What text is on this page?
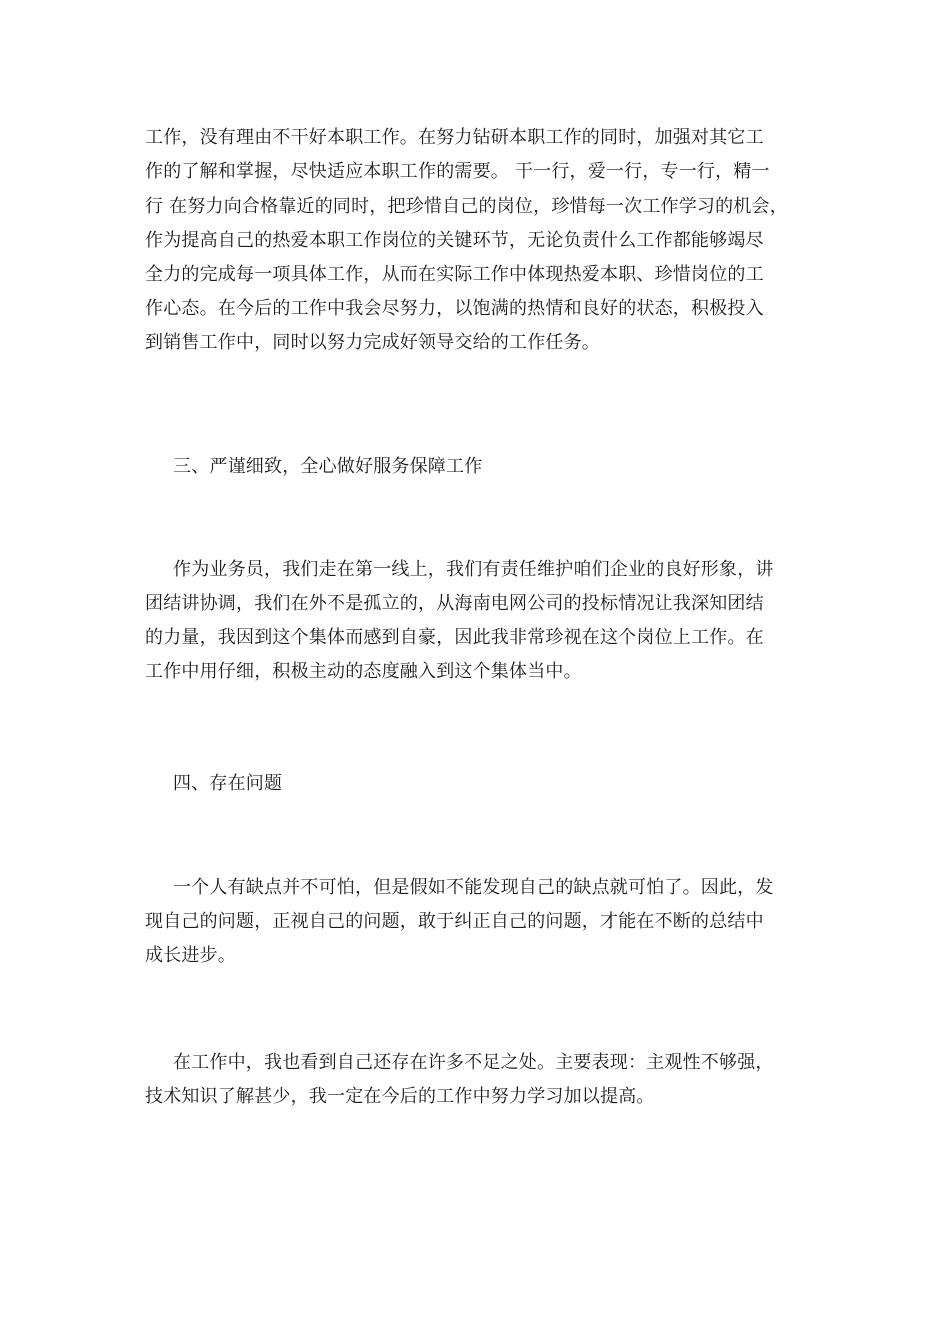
工作，没有理由不干好本职工作。在努力钻研本职工作的同时，加强对其它工
作的了解和掌握，尽快适应本职工作的需要。 干一行，爱一行，专一行，精一
行 在努力向合格靠近的同时，把珍惜自己的岗位，珍惜每一次工作学习的机会，
作为提高自己的热爱本职工作岗位的关键环节，无论负责什么工作都能够竭尽
全力的完成每一项具体工作，从而在实际工作中体现热爱本职、珍惜岗位的工
作心态。在今后的工作中我会尽努力，以饱满的热情和良好的状态，积极投入
到销售工作中，同时以努力完成好领导交给的工作任务。
三、严谨细致，全心做好服务保障工作
作为业务员，我们走在第一线上，我们有责任维护咱们企业的良好形象，讲
团结讲协调，我们在外不是孤立的，从海南电网公司的投标情况让我深知团结
的力量，我因到这个集体而感到自豪，因此我非常珍视在这个岗位上工作。在
工作中用仔细，积极主动的态度融入到这个集体当中。
四、存在问题
一个人有缺点并不可怕，但是假如不能发现自己的缺点就可怕了。因此，发
现自己的问题，正视自己的问题，敢于纠正自己的问题，才能在不断的总结中
成长进步。
在工作中，我也看到自己还存在许多不足之处。主要表现：主观性不够强，
技术知识了解甚少，我一定在今后的工作中努力学习加以提高。
